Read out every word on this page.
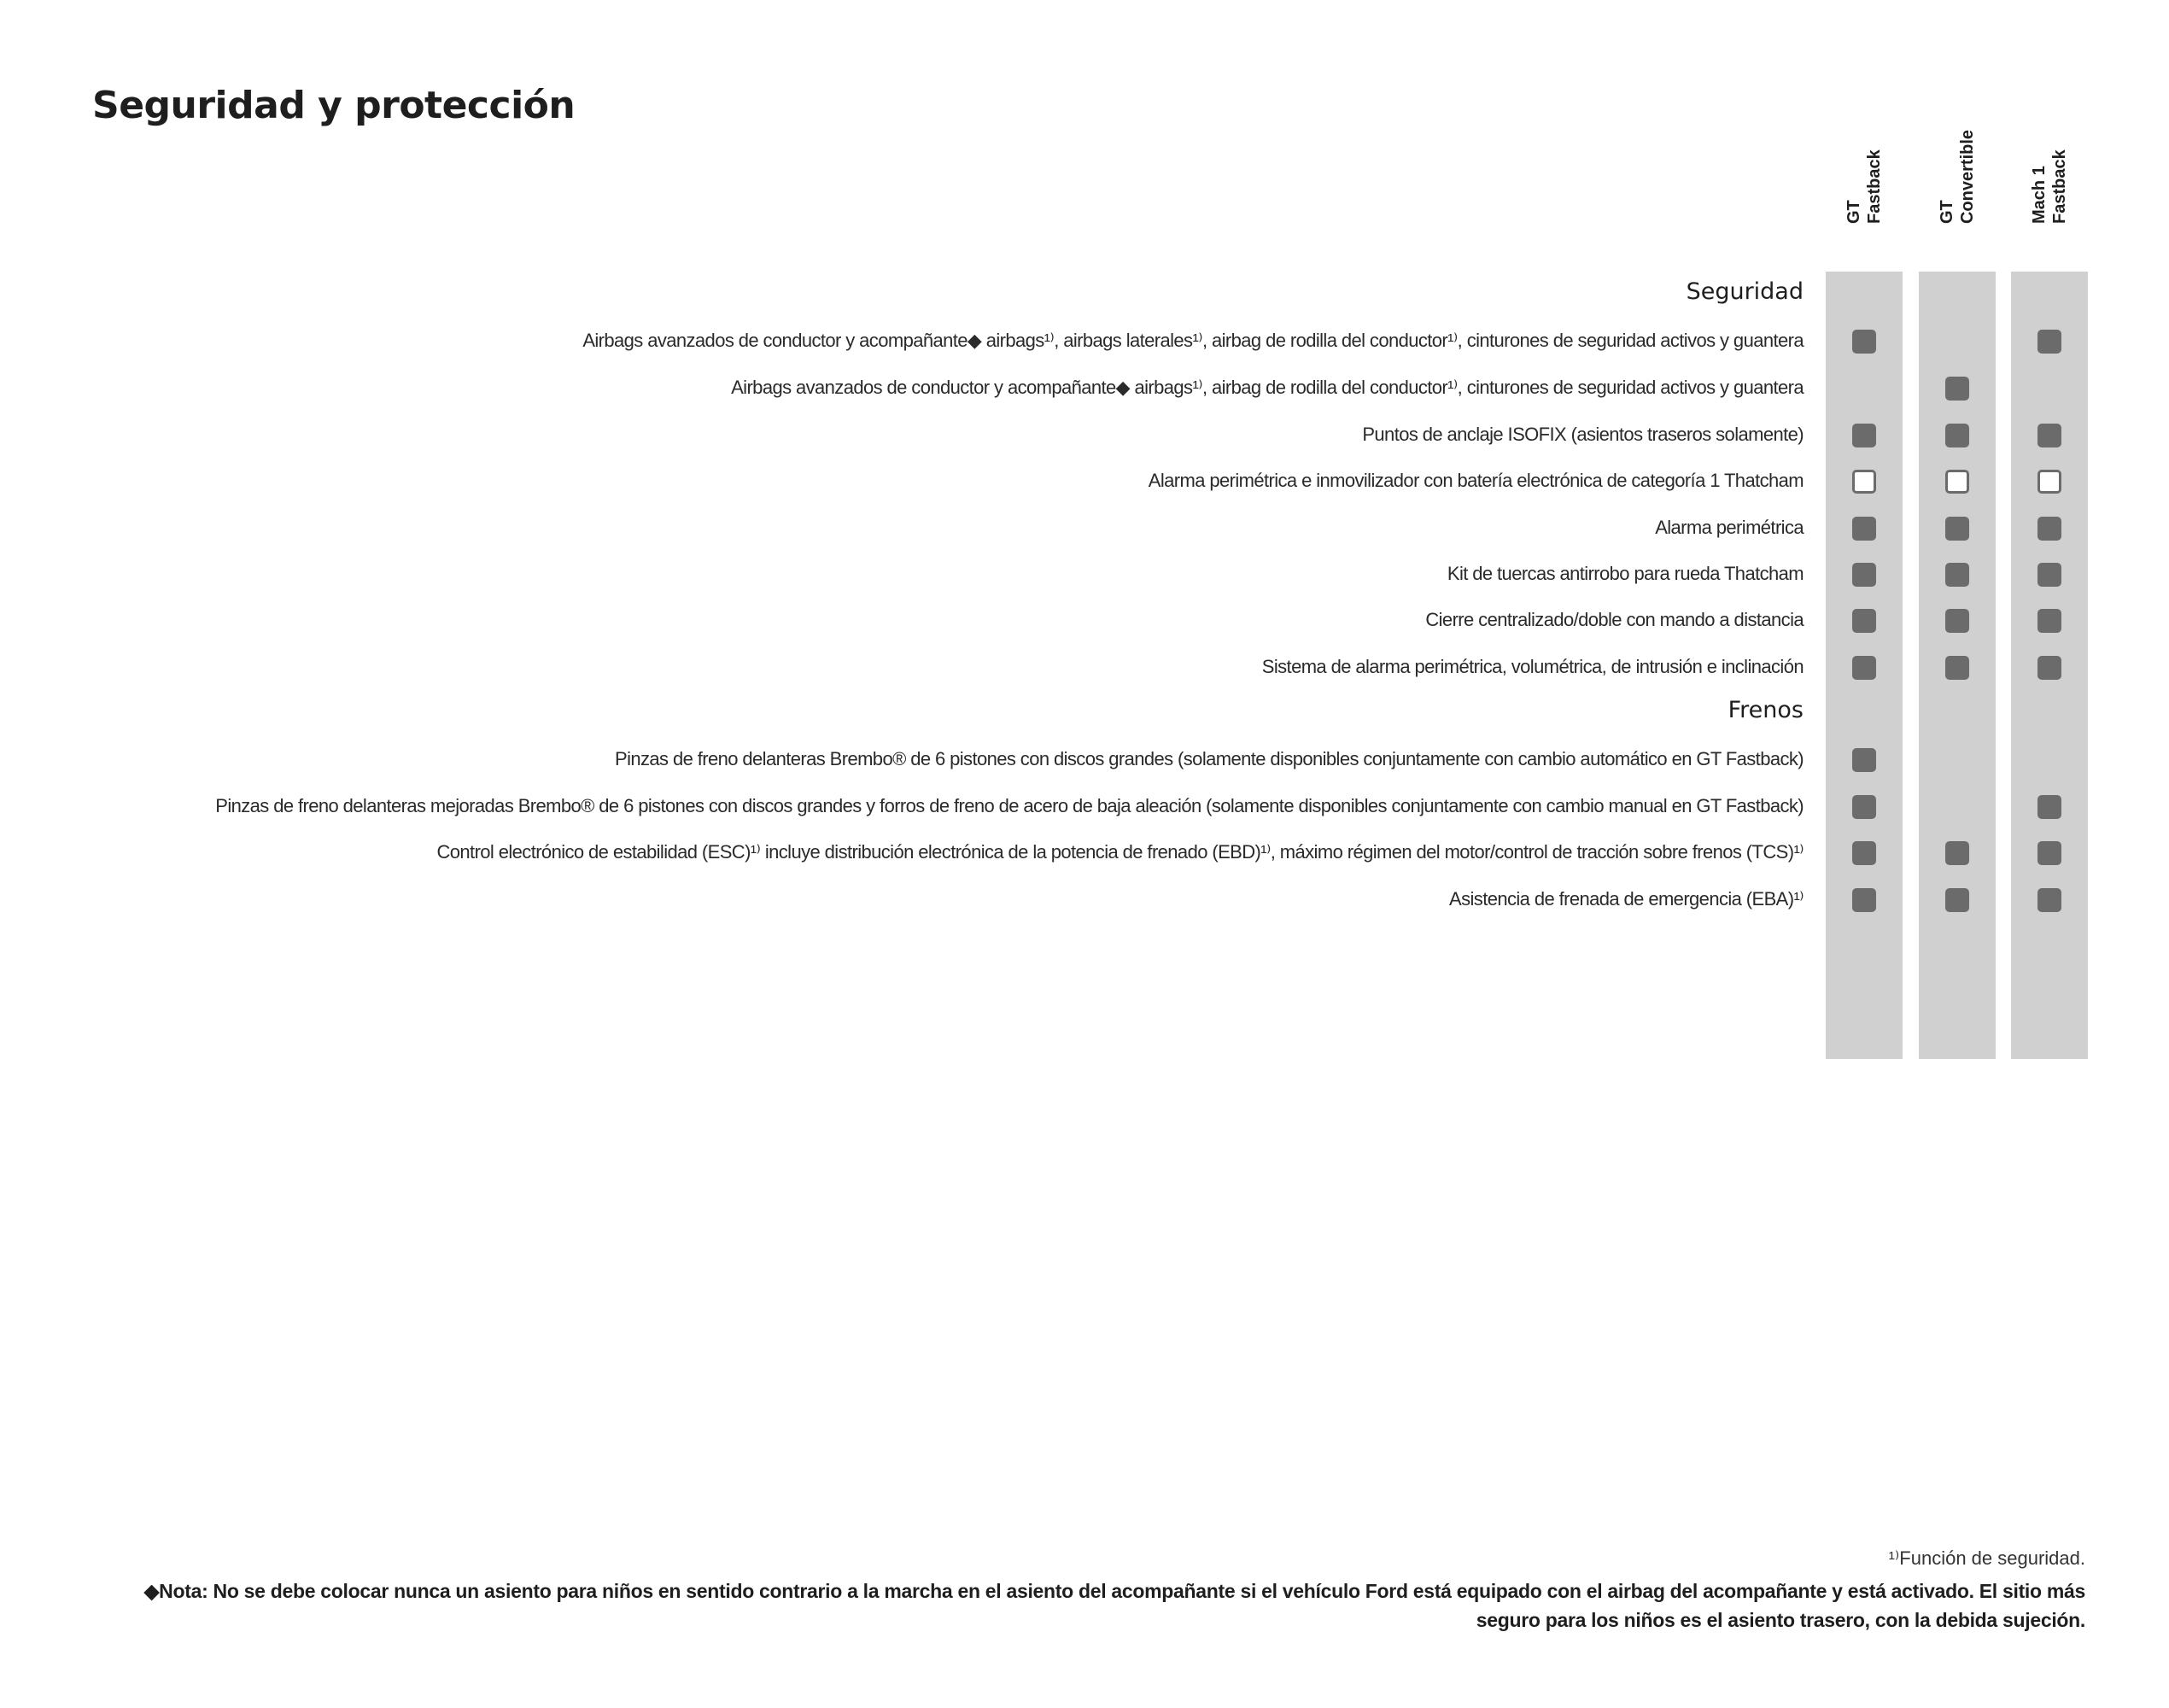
Seguridad y protección
GT Fastback	GT Convertible	Mach 1 Fastback
Seguridad
Airbags avanzados de conductor y acompañante◆ airbags¹⁾, airbags laterales¹⁾, airbag de rodilla del conductor¹⁾, cinturones de seguridad activos y guantera
Airbags avanzados de conductor y acompañante◆ airbags¹⁾, airbag de rodilla del conductor¹⁾, cinturones de seguridad activos y guantera
Puntos de anclaje ISOFIX (asientos traseros solamente)
Alarma perimétrica e inmovilizador con batería electrónica de categoría 1 Thatcham
Alarma perimétrica
Kit de tuercas antirrobo para rueda Thatcham
Cierre centralizado/doble con mando a distancia
Sistema de alarma perimétrica, volumétrica, de intrusión e inclinación
Frenos
Pinzas de freno delanteras Brembo® de 6 pistones con discos grandes (solamente disponibles conjuntamente con cambio automático en GT Fastback)
Pinzas de freno delanteras mejoradas Brembo® de 6 pistones con discos grandes y forros de freno de acero de baja aleación (solamente disponibles conjuntamente con cambio manual en GT Fastback)
Control electrónico de estabilidad (ESC)¹⁾ incluye distribución electrónica de la potencia de frenado (EBD)¹⁾, máximo régimen del motor/control de tracción sobre frenos (TCS)¹⁾
Asistencia de frenada de emergencia (EBA)¹⁾
¹⁾Función de seguridad.
◆Nota: No se debe colocar nunca un asiento para niños en sentido contrario a la marcha en el asiento del acompañante si el vehículo Ford está equipado con el airbag del acompañante y está activado. El sitio más
seguro para los niños es el asiento trasero, con la debida sujeción.
